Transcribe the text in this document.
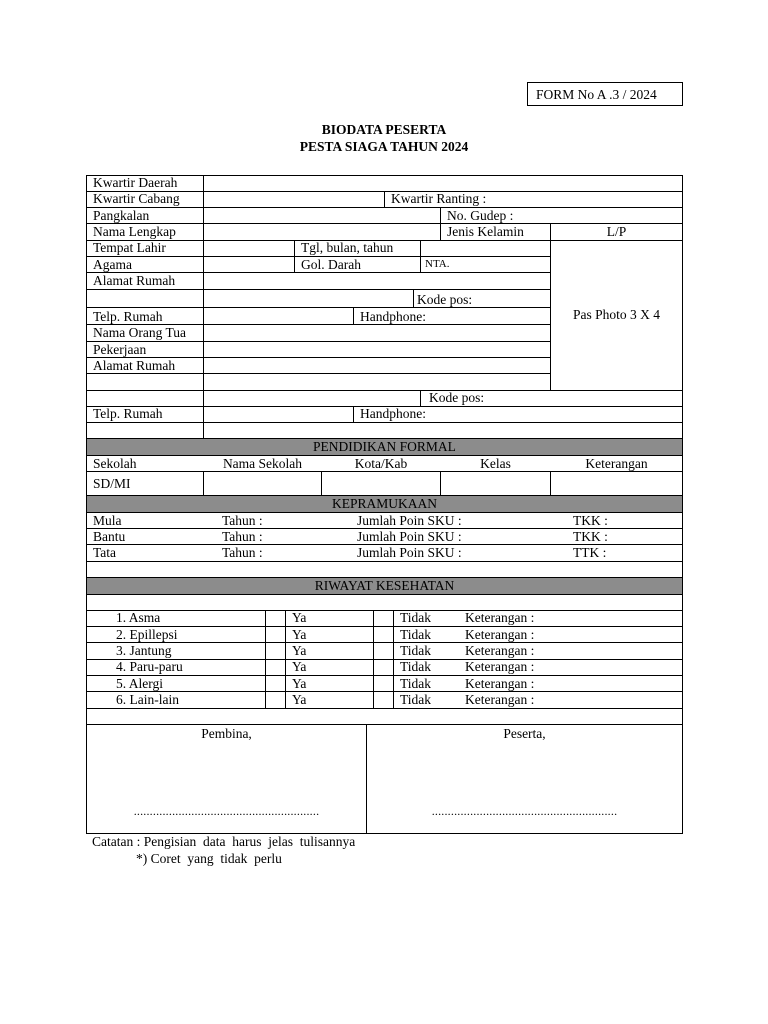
FORM No A .3 / 2024
BIODATA PESERTA
PESTA SIAGA TAHUN 2024
Kwartir Daerah
Kwartir Cabang	Kwartir Ranting :
Pangkalan	No. Gudep :
Nama Lengkap	Jenis Kelamin	L/P
Tempat Lahir	Tgl, bulan, tahun
Agama	Gol. Darah	NTA.
Alamat Rumah
Kode pos:
Telp. Rumah	Handphone:
Nama Orang Tua
Pekerjaan
Alamat Rumah
Kode pos:
Telp. Rumah	Handphone:
Pas Photo 3 X 4
PENDIDIKAN FORMAL
Sekolah	Nama Sekolah	Kota/Kab	Kelas	Keterangan
SD/MI
KEPRAMUKAAN
Mula	Tahun :	Jumlah Poin SKU :	TKK :
Bantu	Tahun :	Jumlah Poin SKU :	TKK :
Tata	Tahun :	Jumlah Poin SKU :	TTK :
RIWAYAT KESEHATAN
1. Asma	Ya	Tidak	Keterangan :
2. Epillepsi	Ya	Tidak	Keterangan :
3. Jantung	Ya	Tidak	Keterangan :
4. Paru-paru	Ya	Tidak	Keterangan :
5. Alergi	Ya	Tidak	Keterangan :
6. Lain-lain	Ya	Tidak	Keterangan :
Pembina,	Peserta,
..........................................................	..........................................................
Catatan : Pengisian  data  harus  jelas  tulisannya
*) Coret  yang  tidak  perlu
